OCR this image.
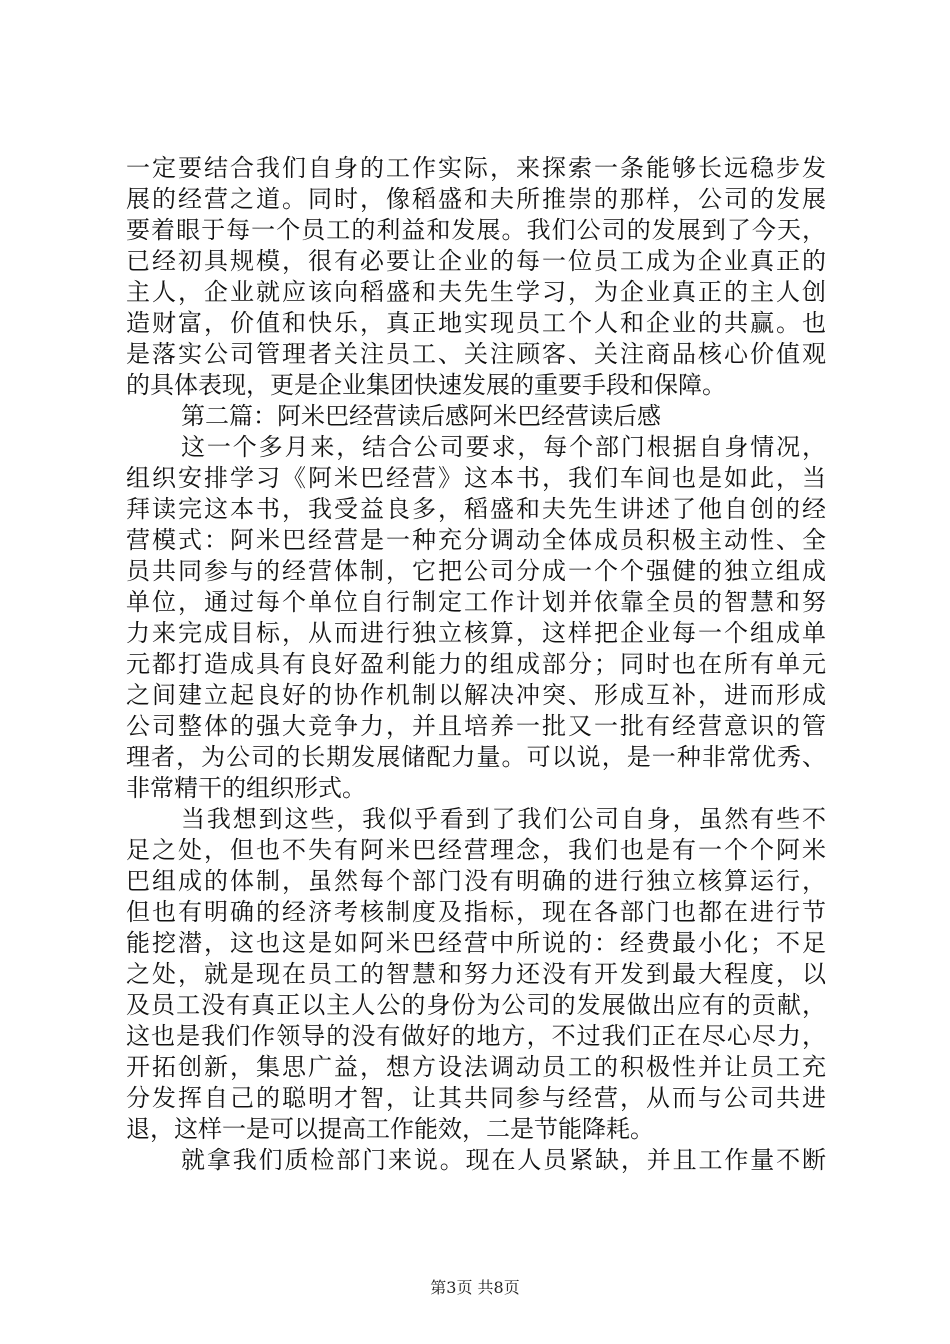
一定要结合我们自身的工作实际，来探索一条能够长远稳步发
展的经营之道。同时，像稻盛和夫所推崇的那样，公司的发展
要着眼于每一个员工的利益和发展。我们公司的发展到了今天，
已经初具规模，很有必要让企业的每一位员工成为企业真正的
主人，企业就应该向稻盛和夫先生学习，为企业真正的主人创
造财富，价值和快乐，真正地实现员工个人和企业的共赢。也
是落实公司管理者关注员工、关注顾客、关注商品核心价值观
的具体表现，更是企业集团快速发展的重要手段和保障。
第二篇：阿米巴经营读后感阿米巴经营读后感
这一个多月来，结合公司要求，每个部门根据自身情况，
组织安排学习《阿米巴经营》这本书，我们车间也是如此，当
拜读完这本书，我受益良多，稻盛和夫先生讲述了他自创的经
营模式：阿米巴经营是一种充分调动全体成员积极主动性、全
员共同参与的经营体制，它把公司分成一个个强健的独立组成
单位，通过每个单位自行制定工作计划并依靠全员的智慧和努
力来完成目标，从而进行独立核算，这样把企业每一个组成单
元都打造成具有良好盈利能力的组成部分；同时也在所有单元
之间建立起良好的协作机制以解决冲突、形成互补，进而形成
公司整体的强大竞争力，并且培养一批又一批有经营意识的管
理者，为公司的长期发展储配力量。可以说，是一种非常优秀、
非常精干的组织形式。
当我想到这些，我似乎看到了我们公司自身，虽然有些不
足之处，但也不失有阿米巴经营理念，我们也是有一个个阿米
巴组成的体制，虽然每个部门没有明确的进行独立核算运行，
但也有明确的经济考核制度及指标，现在各部门也都在进行节
能挖潜，这也这是如阿米巴经营中所说的：经费最小化；不足
之处，就是现在员工的智慧和努力还没有开发到最大程度，以
及员工没有真正以主人公的身份为公司的发展做出应有的贡献，
这也是我们作领导的没有做好的地方，不过我们正在尽心尽力，
开拓创新，集思广益，想方设法调动员工的积极性并让员工充
分发挥自己的聪明才智，让其共同参与经营，从而与公司共进
退，这样一是可以提高工作能效，二是节能降耗。
就拿我们质检部门来说。现在人员紧缺，并且工作量不断
第3页 共8页
